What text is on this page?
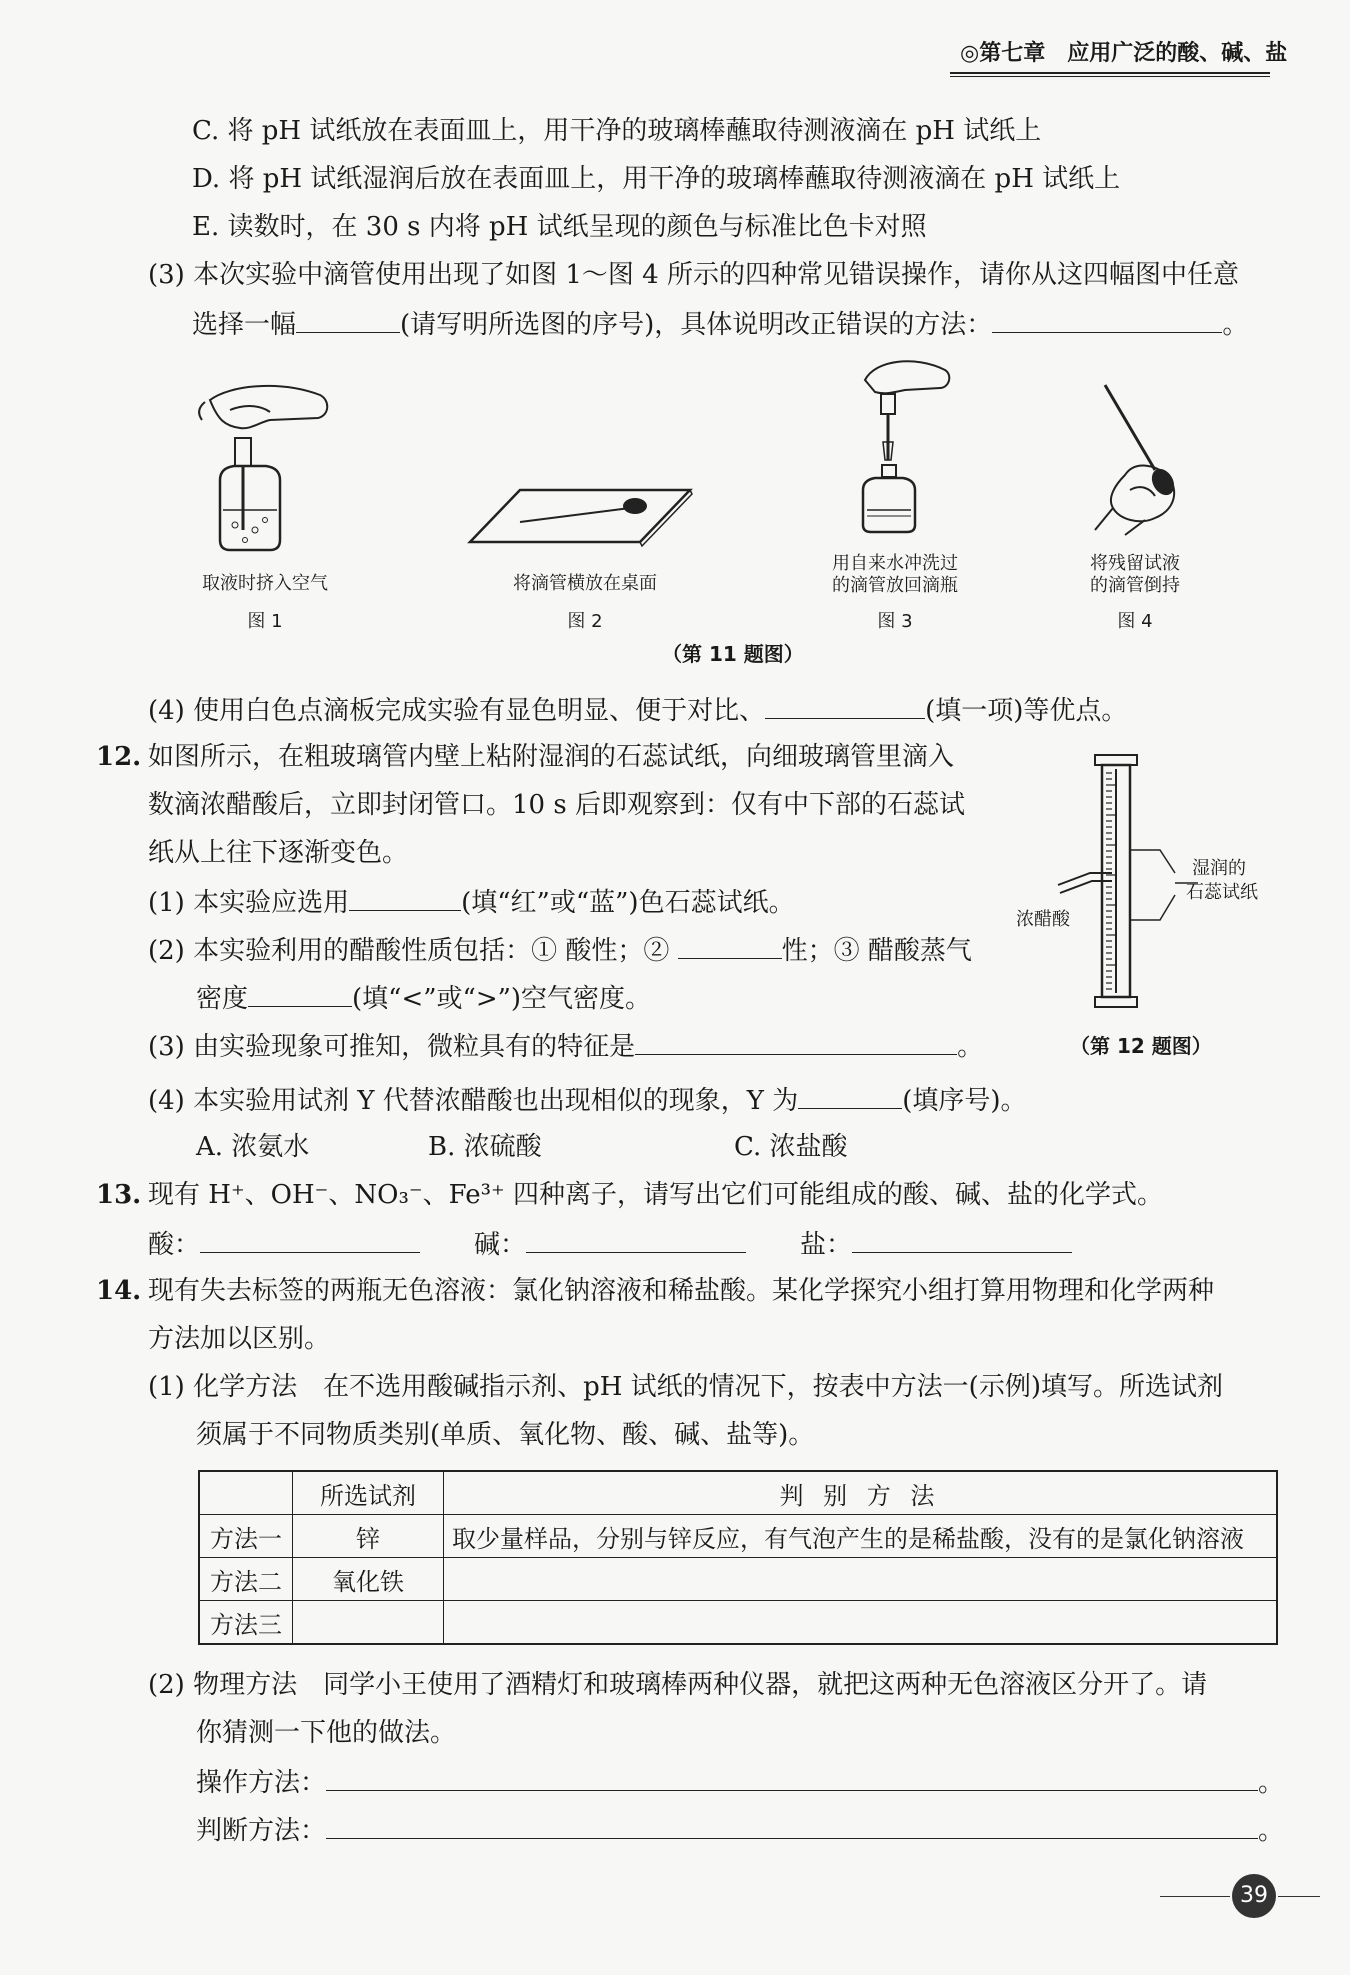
◎第七章　应用广泛的酸、碱、盐
C. 将 pH 试纸放在表面皿上，用干净的玻璃棒蘸取待测液滴在 pH 试纸上
D. 将 pH 试纸湿润后放在表面皿上，用干净的玻璃棒蘸取待测液滴在 pH 试纸上
E. 读数时，在 30 s 内将 pH 试纸呈现的颜色与标准比色卡对照
(3) 本次实验中滴管使用出现了如图 1～图 4 所示的四种常见错误操作，请你从这四幅图中任意
选择一幅	(请写明所选图的序号)，具体说明改正错误的方法：	。
取液时挤入空气
图 1
将滴管横放在桌面
图 2
用自来水冲洗过
的滴管放回滴瓶
图 3
将残留试液
的滴管倒持
图 4
（第 11 题图）
(4) 使用白色点滴板完成实验有显色明显、便于对比、	(填一项)等优点。
12. 如图所示，在粗玻璃管内壁上粘附湿润的石蕊试纸，向细玻璃管里滴入
数滴浓醋酸后，立即封闭管口。10 s 后即观察到：仅有中下部的石蕊试
纸从上往下逐渐变色。
(1) 本实验应选用	(填“红”或“蓝”)色石蕊试纸。
(2) 本实验利用的醋酸性质包括：① 酸性；②	性；③ 醋酸蒸气
密度	(填“<”或“>”)空气密度。
(3) 由实验现象可推知，微粒具有的特征是	。
(4) 本实验用试剂 Y 代替浓醋酸也出现相似的现象，Y 为	(填序号)。
A. 浓氨水	B. 浓硫酸	C. 浓盐酸
湿润的
石蕊试纸
浓醋酸
（第 12 题图）
13. 现有 H⁺、OH⁻、NO₃⁻、Fe³⁺ 四种离子，请写出它们可能组成的酸、碱、盐的化学式。
酸：	碱：	盐：
14. 现有失去标签的两瓶无色溶液：氯化钠溶液和稀盐酸。某化学探究小组打算用物理和化学两种
方法加以区别。
(1) 化学方法　在不选用酸碱指示剂、pH 试纸的情况下，按表中方法一(示例)填写。所选试剂
须属于不同物质类别(单质、氧化物、酸、碱、盐等)。
	所选试剂	判 别 方 法
方法一	锌	取少量样品，分别与锌反应，有气泡产生的是稀盐酸，没有的是氯化钠溶液
方法二	氧化铁	
方法三		
(2) 物理方法　同学小王使用了酒精灯和玻璃棒两种仪器，就把这两种无色溶液区分开了。请
你猜测一下他的做法。
操作方法：	。
判断方法：	。
39
